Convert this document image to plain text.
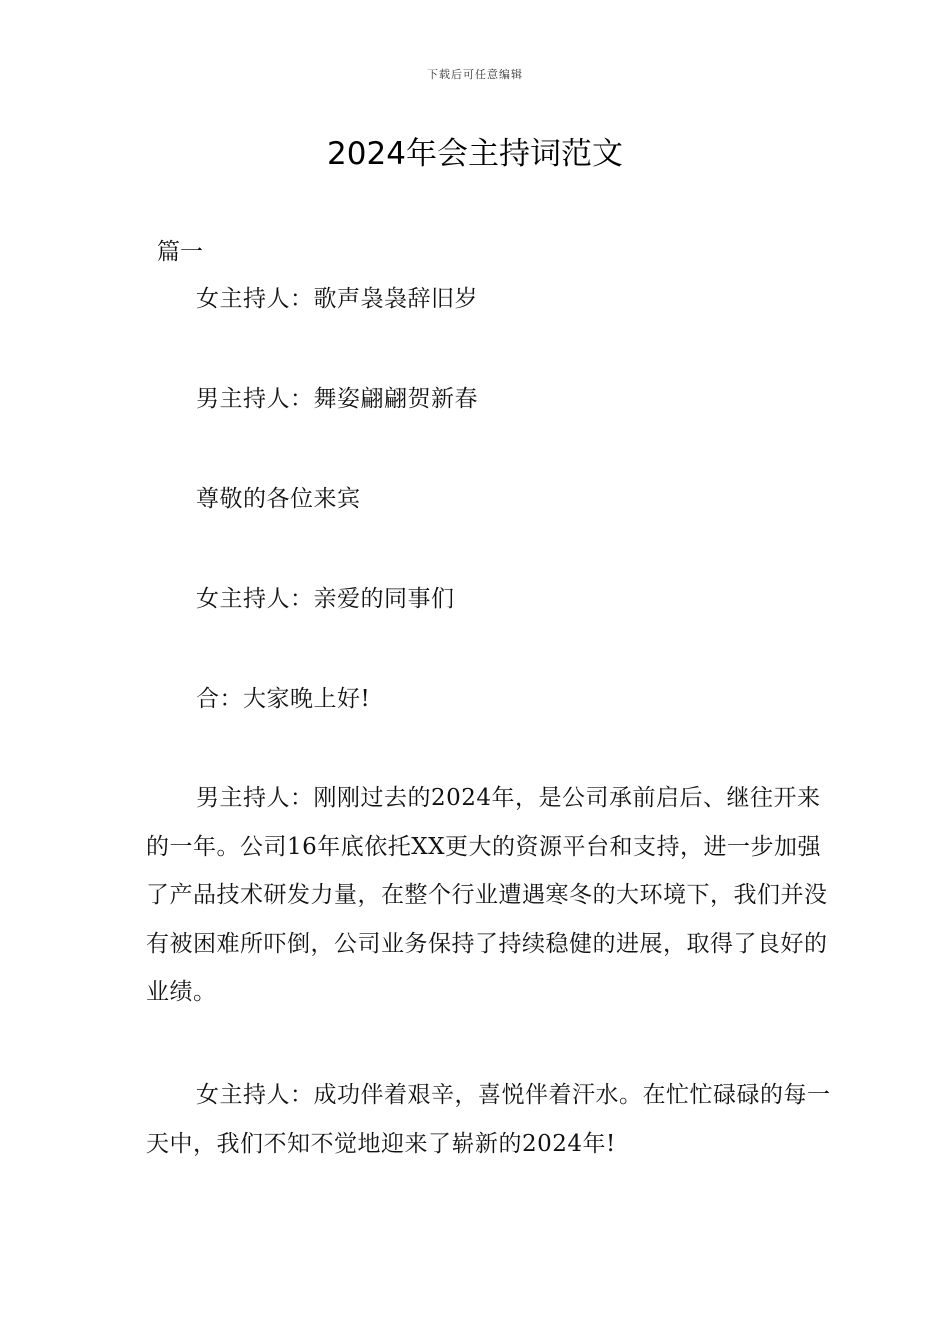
下载后可任意编辑
2024年会主持词范文

篇一

女主持人：歌声袅袅辞旧岁

男主持人：舞姿翩翩贺新春

尊敬的各位来宾

女主持人：亲爱的同事们

合：大家晚上好!

男主持人：刚刚过去的2024年，是公司承前启后、继往开来的一年。公司16年底依托XX更大的资源平台和支持，进一步加强了产品技术研发力量，在整个行业遭遇寒冬的大环境下，我们并没有被困难所吓倒，公司业务保持了持续稳健的进展，取得了良好的业绩。

女主持人：成功伴着艰辛，喜悦伴着汗水。在忙忙碌碌的每一天中，我们不知不觉地迎来了崭新的2024年!
